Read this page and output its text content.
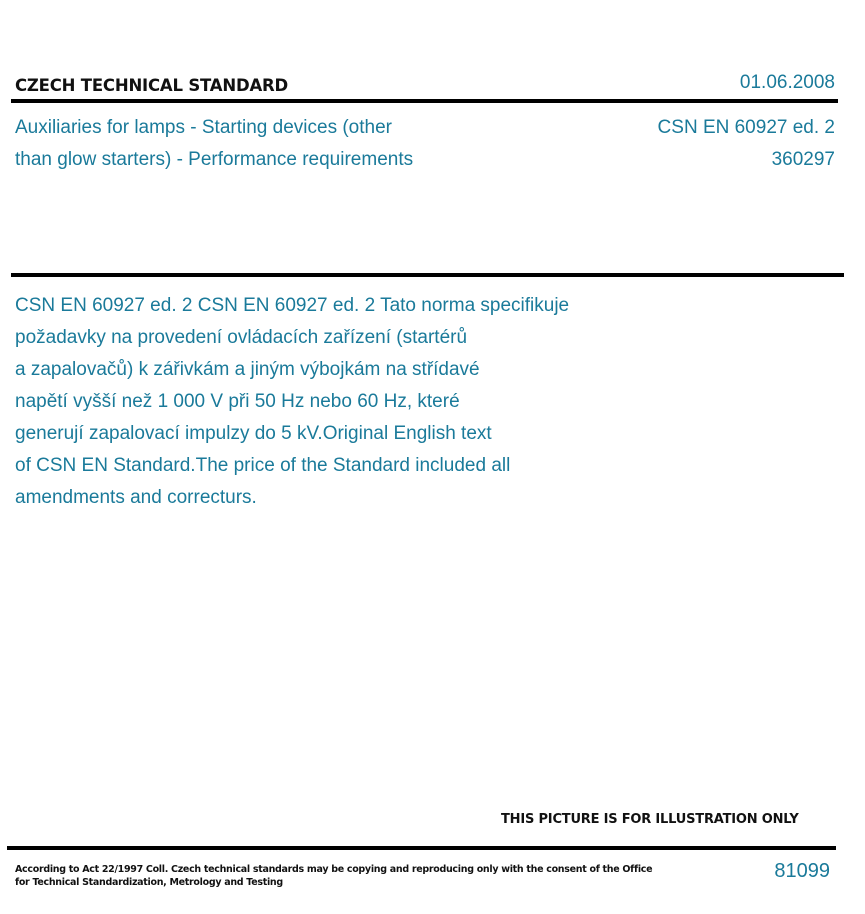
CZECH TECHNICAL STANDARD	01.06.2008
Auxiliaries for lamps - Starting devices (other
than glow starters) - Performance requirements
CSN EN 60927 ed. 2
360297
CSN EN 60927 ed. 2 CSN EN 60927 ed. 2 Tato norma specifikuje
požadavky na provedení ovládacích zařízení (startérů
a zapalovačů) k zářivkám a jiným výbojkám na střídavé
napětí vyšší než 1 000 V při 50 Hz nebo 60 Hz, které
generují zapalovací impulzy do 5 kV.Original English text
of CSN EN Standard.The price of the Standard included all
amendments and correcturs.
THIS PICTURE IS FOR ILLUSTRATION ONLY
According to Act 22/1997 Coll. Czech technical standards may be copying and reproducing only with the consent of the Office
for Technical Standardization, Metrology and Testing
81099
